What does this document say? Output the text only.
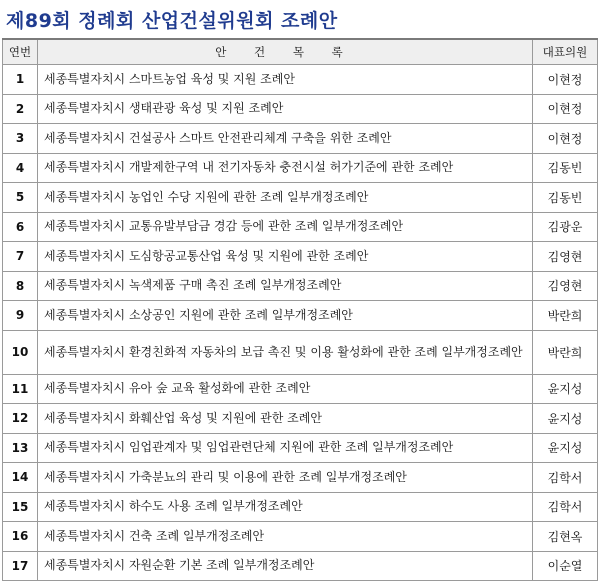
제89회 정례회 산업건설위원회 조례안
연번	안 건 목 록	대표의원
1	세종특별자치시 스마트농업 육성 및 지원 조례안	이현정
2	세종특별자치시 생태관광 육성 및 지원 조례안	이현정
3	세종특별자치시 건설공사 스마트 안전관리체계 구축을 위한 조례안	이현정
4	세종특별자치시 개발제한구역 내 전기자동차 충전시설 허가기준에 관한 조례안	김동빈
5	세종특별자치시 농업인 수당 지원에 관한 조례 일부개정조례안	김동빈
6	세종특별자치시 교통유발부담금 경감 등에 관한 조례 일부개정조례안	김광운
7	세종특별자치시 도심항공교통산업 육성 및 지원에 관한 조례안	김영현
8	세종특별자치시 녹색제품 구매 촉진 조례 일부개정조례안	김영현
9	세종특별자치시 소상공인 지원에 관한 조례 일부개정조례안	박란희
10	세종특별자치시 환경친화적 자동차의 보급 촉진 및 이용 활성화에 관한 조례 일부개정조례안	박란희
11	세종특별자치시 유아 숲 교육 활성화에 관한 조례안	윤지성
12	세종특별자치시 화훼산업 육성 및 지원에 관한 조례안	윤지성
13	세종특별자치시 임업관계자 및 임업관련단체 지원에 관한 조례 일부개정조례안	윤지성
14	세종특별자치시 가축분뇨의 관리 및 이용에 관한 조례 일부개정조례안	김학서
15	세종특별자치시 하수도 사용 조례 일부개정조례안	김학서
16	세종특별자치시 건축 조례 일부개정조례안	김현옥
17	세종특별자치시 자원순환 기본 조례 일부개정조례안	이순열
